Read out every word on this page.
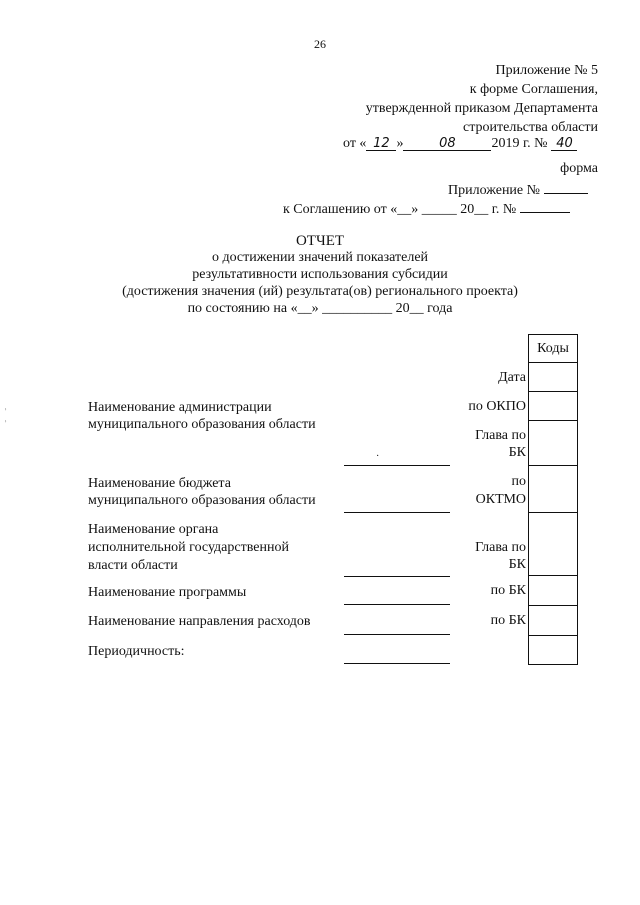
26
Приложение № 5
к форме Соглашения,
утвержденной приказом Департамента
строительства области
от « 12 »	08	2019 г. № 40
форма
Приложение №
к Соглашению от «__» _____ 20__ г. №
ОТЧЕТ
о достижении значений показателей
результативности использования субсидии
(достижения значения (ий) результата(ов) регионального проекта)
по состоянию на «__» __________ 20__ года
Коды
Дата
по ОКПО
Глава по
БК
по
ОКТМО
Глава по
БК
по БК
по БК
Наименование администрации
муниципального образования области
·
Наименование бюджета
муниципального образования области
Наименование органа
исполнительной государственной
власти области
Наименование программы
Наименование направления расходов
Периодичность:
⸒
⸒
